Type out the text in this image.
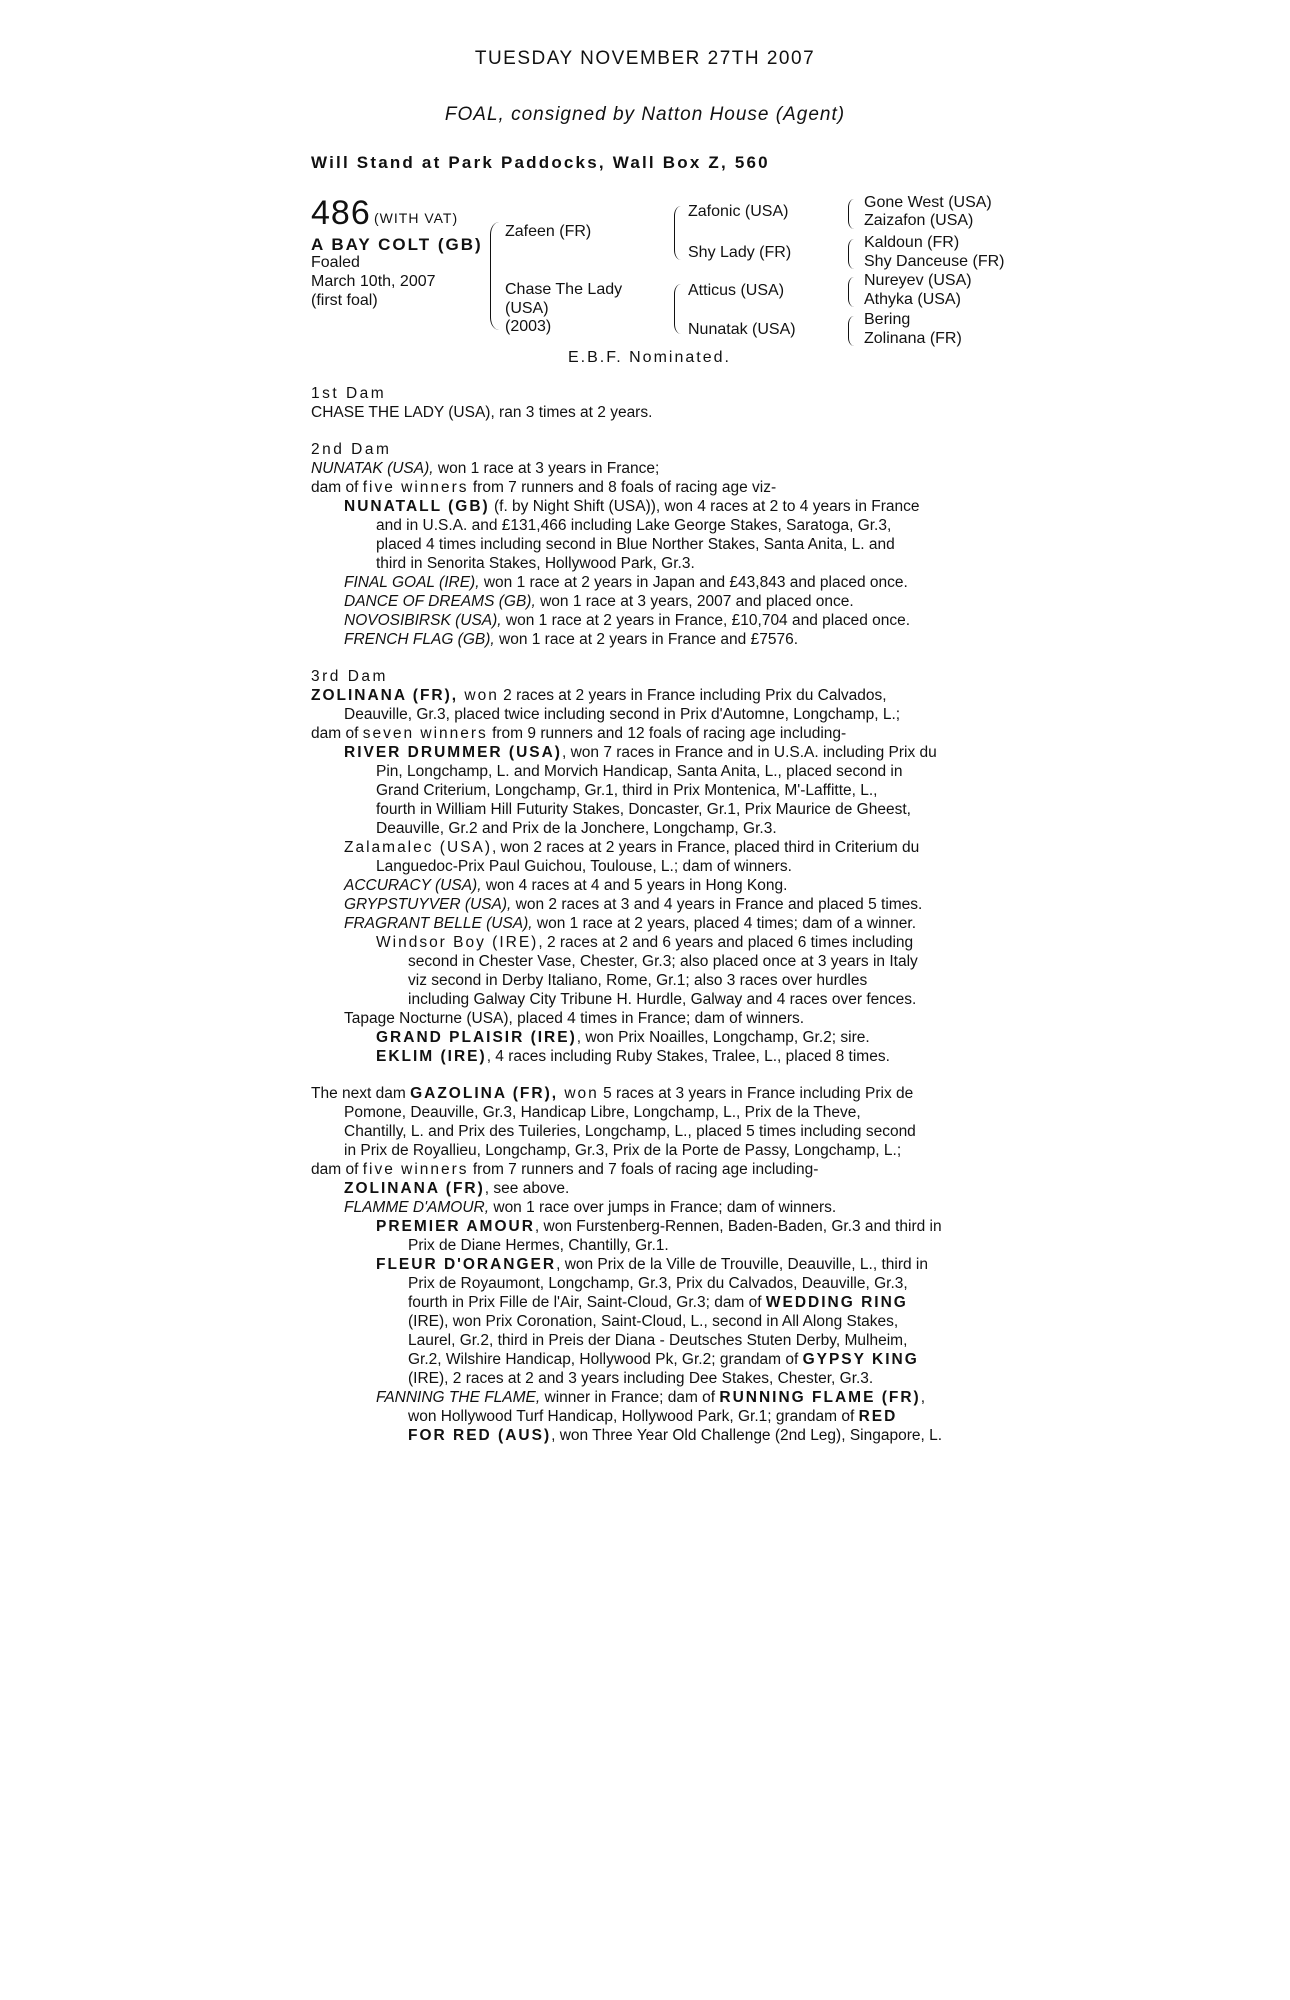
TUESDAY NOVEMBER 27TH 2007
FOAL, consigned by Natton House (Agent)
Will Stand at Park Paddocks, Wall Box Z, 560
486 (WITH VAT)
A BAY COLT (GB)
Foaled
March 10th, 2007
(first foal)
Zafeen (FR)
Chase The Lady
(USA)
(2003)
Zafonic (USA)
Shy Lady (FR)
Atticus (USA)
Nunatak (USA)
Gone West (USA)
Zaizafon (USA)
Kaldoun (FR)
Shy Danceuse (FR)
Nureyev (USA)
Athyka (USA)
Bering
Zolinana (FR)
E.B.F. Nominated.
1st Dam
CHASE THE LADY (USA), ran 3 times at 2 years.
2nd Dam
NUNATAK (USA), won 1 race at 3 years in France;
dam of five winners from 7 runners and 8 foals of racing age viz-
NUNATALL (GB) (f. by Night Shift (USA)), won 4 races at 2 to 4 years in France
and in U.S.A. and £131,466 including Lake George Stakes, Saratoga, Gr.3,
placed 4 times including second in Blue Norther Stakes, Santa Anita, L. and
third in Senorita Stakes, Hollywood Park, Gr.3.
FINAL GOAL (IRE), won 1 race at 2 years in Japan and £43,843 and placed once.
DANCE OF DREAMS (GB), won 1 race at 3 years, 2007 and placed once.
NOVOSIBIRSK (USA), won 1 race at 2 years in France, £10,704 and placed once.
FRENCH FLAG (GB), won 1 race at 2 years in France and £7576.
3rd Dam
ZOLINANA (FR), won 2 races at 2 years in France including Prix du Calvados,
Deauville, Gr.3, placed twice including second in Prix d'Automne, Longchamp, L.;
dam of seven winners from 9 runners and 12 foals of racing age including-
RIVER DRUMMER (USA), won 7 races in France and in U.S.A. including Prix du
Pin, Longchamp, L. and Morvich Handicap, Santa Anita, L., placed second in
Grand Criterium, Longchamp, Gr.1, third in Prix Montenica, M'-Laffitte, L.,
fourth in William Hill Futurity Stakes, Doncaster, Gr.1, Prix Maurice de Gheest,
Deauville, Gr.2 and Prix de la Jonchere, Longchamp, Gr.3.
Zalamalec (USA), won 2 races at 2 years in France, placed third in Criterium du
Languedoc-Prix Paul Guichou, Toulouse, L.; dam of winners.
ACCURACY (USA), won 4 races at 4 and 5 years in Hong Kong.
GRYPSTUYVER (USA), won 2 races at 3 and 4 years in France and placed 5 times.
FRAGRANT BELLE (USA), won 1 race at 2 years, placed 4 times; dam of a winner.
Windsor Boy (IRE), 2 races at 2 and 6 years and placed 6 times including
second in Chester Vase, Chester, Gr.3; also placed once at 3 years in Italy
viz second in Derby Italiano, Rome, Gr.1; also 3 races over hurdles
including Galway City Tribune H. Hurdle, Galway and 4 races over fences.
Tapage Nocturne (USA), placed 4 times in France; dam of winners.
GRAND PLAISIR (IRE), won Prix Noailles, Longchamp, Gr.2; sire.
EKLIM (IRE), 4 races including Ruby Stakes, Tralee, L., placed 8 times.
The next dam GAZOLINA (FR), won 5 races at 3 years in France including Prix de
Pomone, Deauville, Gr.3, Handicap Libre, Longchamp, L., Prix de la Theve,
Chantilly, L. and Prix des Tuileries, Longchamp, L., placed 5 times including second
in Prix de Royallieu, Longchamp, Gr.3, Prix de la Porte de Passy, Longchamp, L.;
dam of five winners from 7 runners and 7 foals of racing age including-
ZOLINANA (FR), see above.
FLAMME D'AMOUR, won 1 race over jumps in France; dam of winners.
PREMIER AMOUR, won Furstenberg-Rennen, Baden-Baden, Gr.3 and third in
Prix de Diane Hermes, Chantilly, Gr.1.
FLEUR D'ORANGER, won Prix de la Ville de Trouville, Deauville, L., third in
Prix de Royaumont, Longchamp, Gr.3, Prix du Calvados, Deauville, Gr.3,
fourth in Prix Fille de l'Air, Saint-Cloud, Gr.3; dam of WEDDING RING
(IRE), won Prix Coronation, Saint-Cloud, L., second in All Along Stakes,
Laurel, Gr.2, third in Preis der Diana - Deutsches Stuten Derby, Mulheim,
Gr.2, Wilshire Handicap, Hollywood Pk, Gr.2; grandam of GYPSY KING
(IRE), 2 races at 2 and 3 years including Dee Stakes, Chester, Gr.3.
FANNING THE FLAME, winner in France; dam of RUNNING FLAME (FR),
won Hollywood Turf Handicap, Hollywood Park, Gr.1; grandam of RED
FOR RED (AUS), won Three Year Old Challenge (2nd Leg), Singapore, L.
